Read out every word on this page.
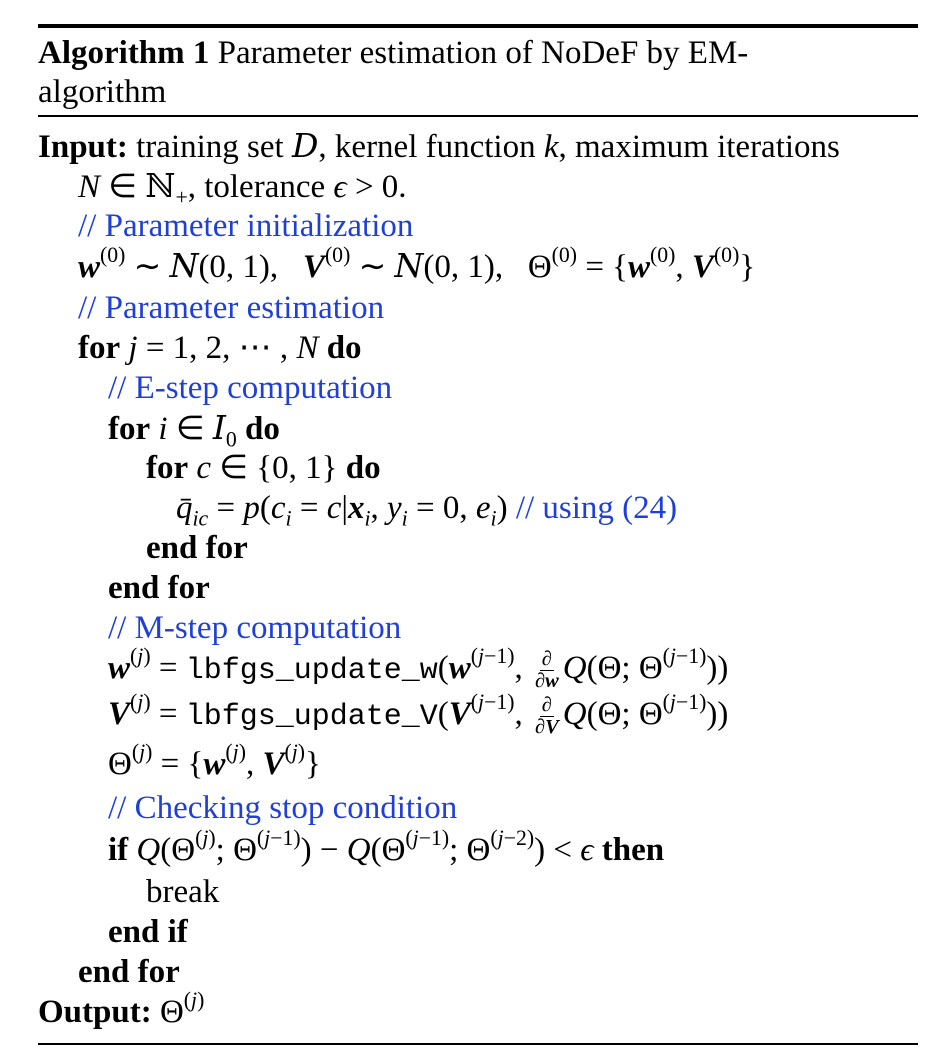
Algorithm 1 Parameter estimation of NoDeF by EM-
algorithm
Input: training set D, kernel function k, maximum iterations
N ∈ ℕ$_+$, tolerance ϵ > 0.
// Parameter initialization
$w^{(0)}$ ∼ N(0, 1),   $V^{(0)}$ ∼ N(0, 1),   $\Theta^{(0)} = \{w^{(0)}$, $V^{(0)}$}
// Parameter estimation
for j = 1, 2, ⋯ , N do
// E-step computation
for i ∈ $I_0$ do
for c ∈ {0, 1} do
$q̄_{ic} = p(c_i = c|x_i$, $y_i = 0$, $e_i$) // using (24)
end for
end for
// M-step computation
$w^{(j)}$ = $lbfgs\_update\_w(w^{(j-1)}$, $\frac{\partial}{\partial w} Q(\Theta$; $\Theta^{(j-1)}$))
$V^{(j)}$ = $lbfgs\_update\_V(V^{(j-1)}$, $\frac{\partial}{\partial V} Q(\Theta$; $\Theta^{(j-1)}$))
$\Theta^{(j)} = \{w^{(j)}$, $V^{(j)}$}
// Checking stop condition
if $Q(\Theta^{(j)}$; $\Theta^{(j-1)}) - Q(\Theta^{(j-1)}$; $\Theta^{(j-2)}) < \epsilon$ then
break
end if
end for
Output: $\Theta^{(j)}$
